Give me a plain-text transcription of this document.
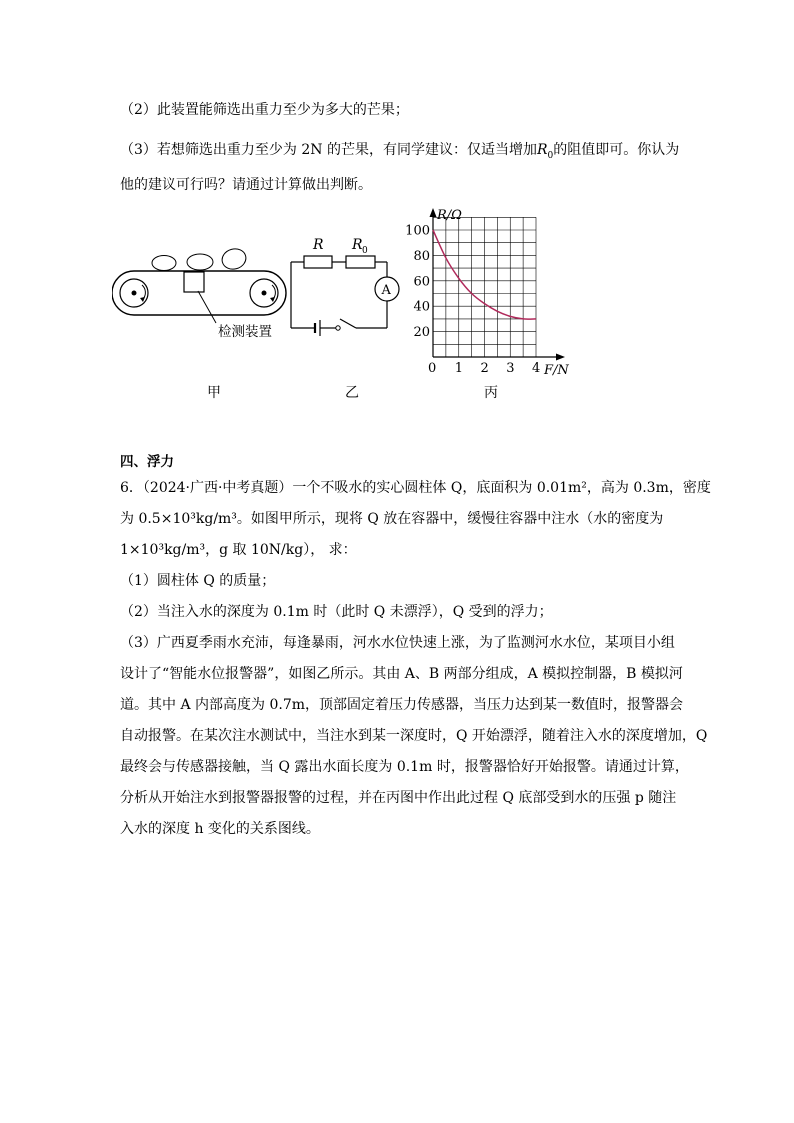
（2）此装置能筛选出重力至少为多大的芒果；
（3）若想筛选出重力至少为 2N 的芒果，有同学建议：仅适当增加$R_0$的阻值即可。你认为
他的建议可行吗？请通过计算做出判断。
检测装置
甲
R R 0
A
乙
R/Ω
F/N
0 1 2 3 4
20
40
60
80
100
丙
四、浮力
6．（2024·广西·中考真题）一个不吸水的实心圆柱体 Q，底面积为 0.01m²，高为 0.3m，密度
为 0.5×10³kg/m³。如图甲所示，现将 Q 放在容器中，缓慢往容器中注水（水的密度为
1×10³kg/m³，g 取 10N/kg）， 求：
（1）圆柱体 Q 的质量；
（2）当注入水的深度为 0.1m 时（此时 Q 未漂浮），Q 受到的浮力；
（3）广西夏季雨水充沛，每逢暴雨，河水水位快速上涨，为了监测河水水位，某项目小组
设计了“智能水位报警器”，如图乙所示。其由 A、B 两部分组成，A 模拟控制器，B 模拟河
道。其中 A 内部高度为 0.7m，顶部固定着压力传感器，当压力达到某一数值时，报警器会
自动报警。在某次注水测试中，当注水到某一深度时，Q 开始漂浮，随着注入水的深度增加，Q
最终会与传感器接触，当 Q 露出水面长度为 0.1m 时，报警器恰好开始报警。请通过计算，
分析从开始注水到报警器报警的过程，并在丙图中作出此过程 Q 底部受到水的压强 p 随注
入水的深度 h 变化的关系图线。
